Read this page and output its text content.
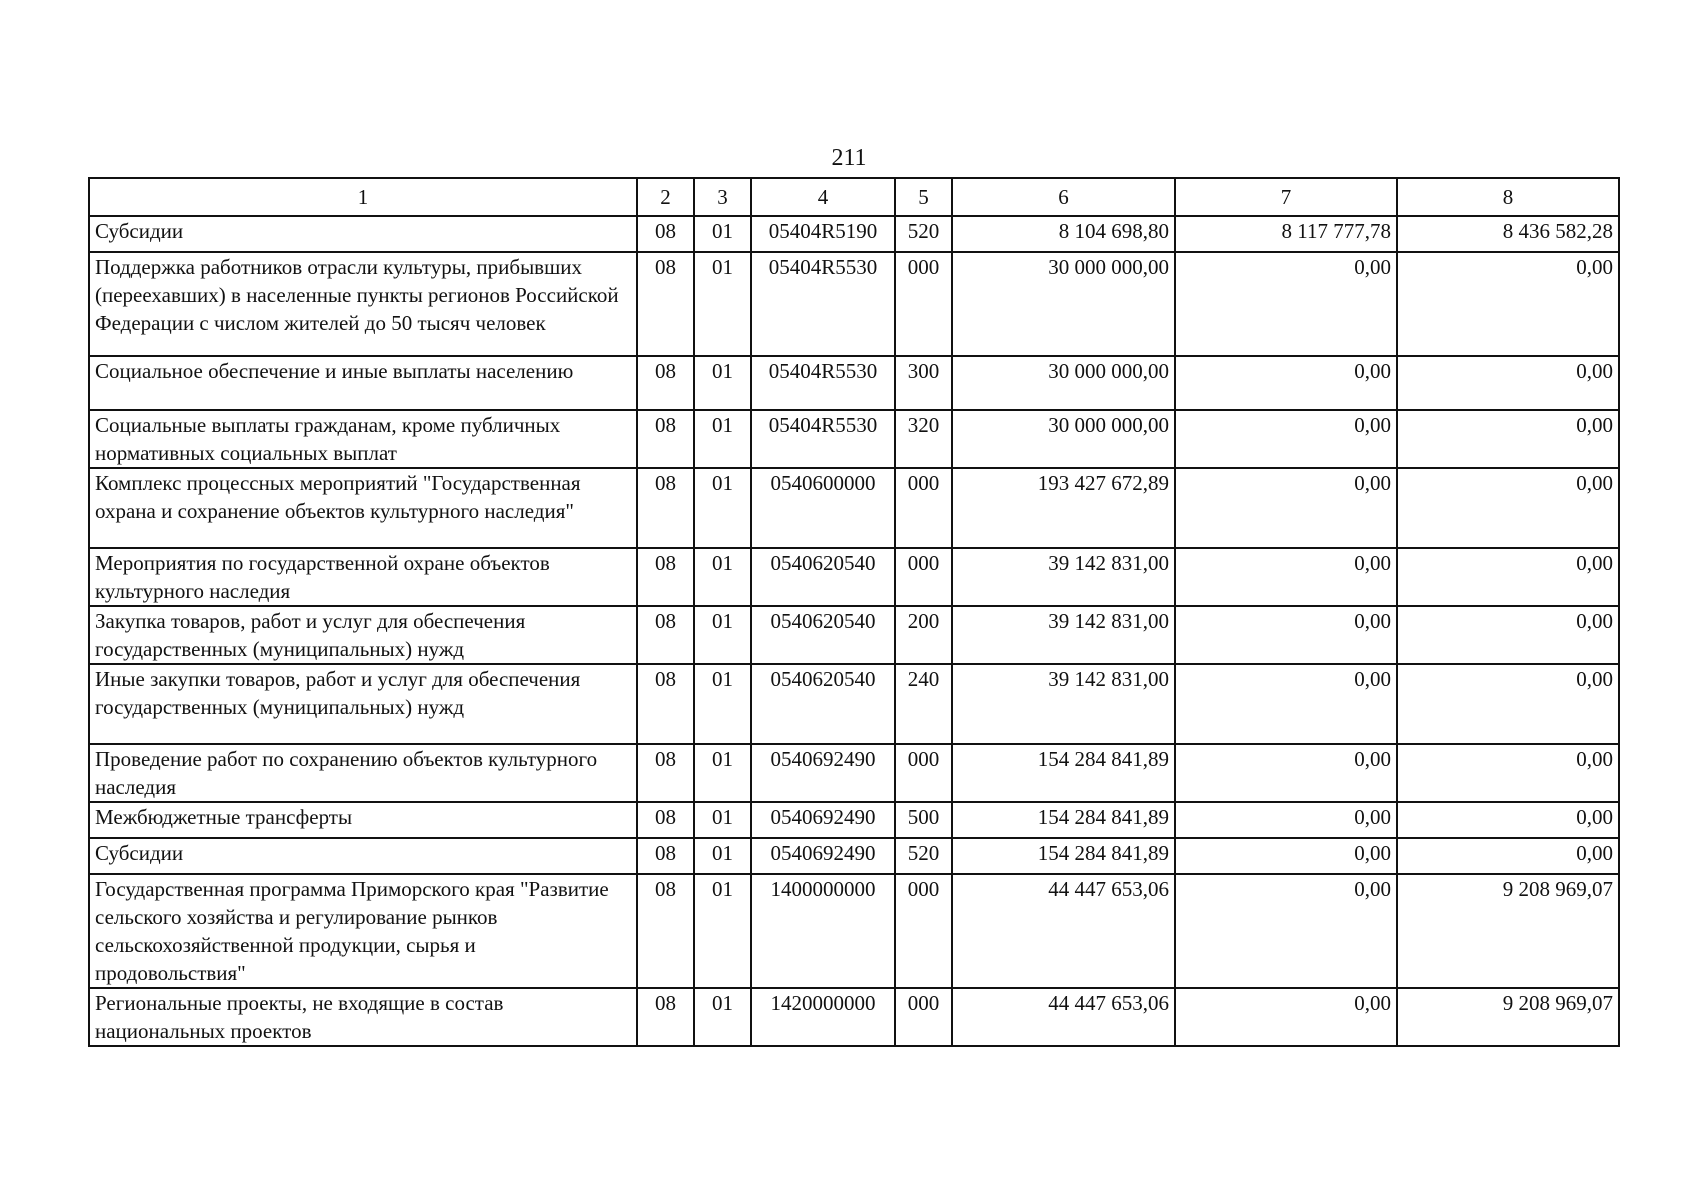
211
1	2	3	4	5	6	7	8
Субсидии	08	01	05404R5190	520	8 104 698,80	8 117 777,78	8 436 582,28
Поддержка работников отрасли культуры, прибывших (переехавших) в населенные пункты регионов Российской Федерации с числом жителей до 50 тысяч человек	08	01	05404R5530	000	30 000 000,00	0,00	0,00
Социальное обеспечение и иные выплаты населению	08	01	05404R5530	300	30 000 000,00	0,00	0,00
Социальные выплаты гражданам, кроме публичных нормативных социальных выплат	08	01	05404R5530	320	30 000 000,00	0,00	0,00
Комплекс процессных мероприятий "Государственная охрана и сохранение объектов культурного наследия"	08	01	0540600000	000	193 427 672,89	0,00	0,00
Мероприятия по государственной охране объектов культурного наследия	08	01	0540620540	000	39 142 831,00	0,00	0,00
Закупка товаров, работ и услуг для обеспечения государственных (муниципальных) нужд	08	01	0540620540	200	39 142 831,00	0,00	0,00
Иные закупки товаров, работ и услуг для обеспечения государственных (муниципальных) нужд	08	01	0540620540	240	39 142 831,00	0,00	0,00
Проведение работ по сохранению объектов культурного наследия	08	01	0540692490	000	154 284 841,89	0,00	0,00
Межбюджетные трансферты	08	01	0540692490	500	154 284 841,89	0,00	0,00
Субсидии	08	01	0540692490	520	154 284 841,89	0,00	0,00
Государственная программа Приморского края "Развитие сельского хозяйства и регулирование рынков сельскохозяйственной продукции, сырья и продовольствия"	08	01	1400000000	000	44 447 653,06	0,00	9 208 969,07
Региональные проекты, не входящие в состав национальных проектов	08	01	1420000000	000	44 447 653,06	0,00	9 208 969,07
